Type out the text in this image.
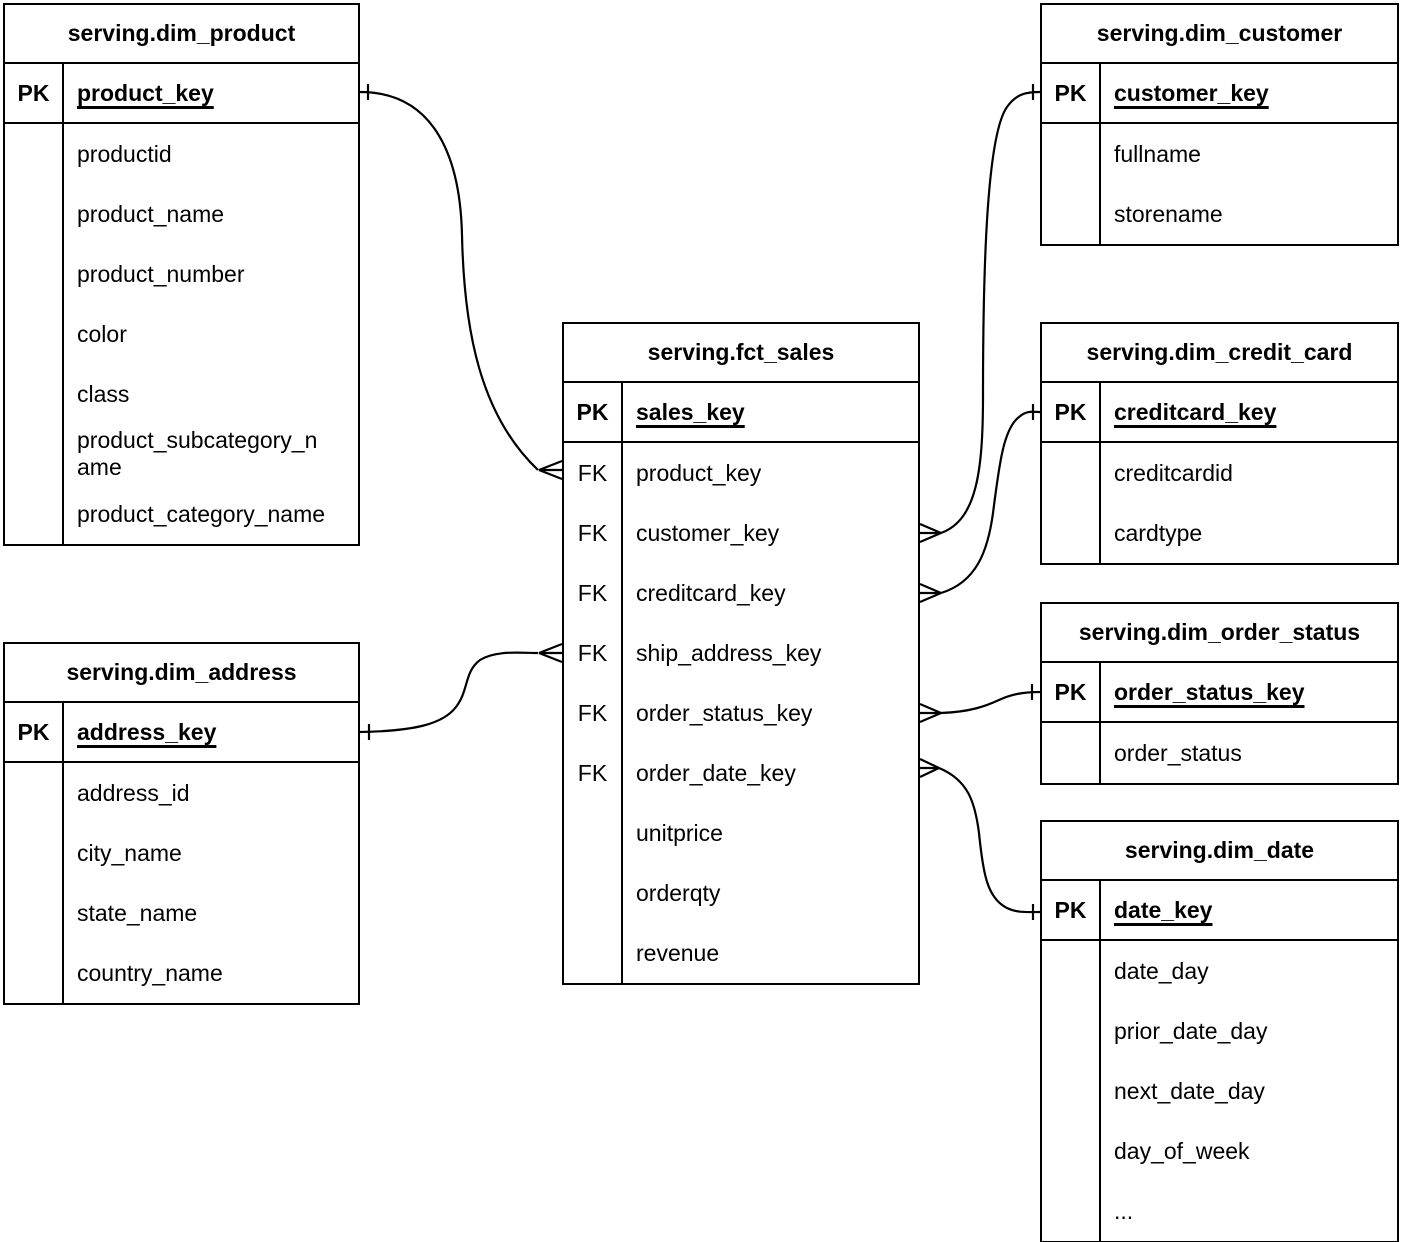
serving.dim_product
PK	product_key
productid
product_name
product_number
color
class
product_subcategory_name
product_category_name
serving.dim_customer
PK	customer_key
fullname
storename
serving.fct_sales
PK	sales_key
FK	product_key
FK	customer_key
FK	creditcard_key
FK	ship_address_key
FK	order_status_key
FK	order_date_key
unitprice
orderqty
revenue
serving.dim_credit_card
PK	creditcard_key
creditcardid
cardtype
serving.dim_order_status
PK	order_status_key
order_status
serving.dim_date
PK	date_key
date_day
prior_date_day
next_date_day
day_of_week
...
serving.dim_address
PK	address_key
address_id
city_name
state_name
country_name
